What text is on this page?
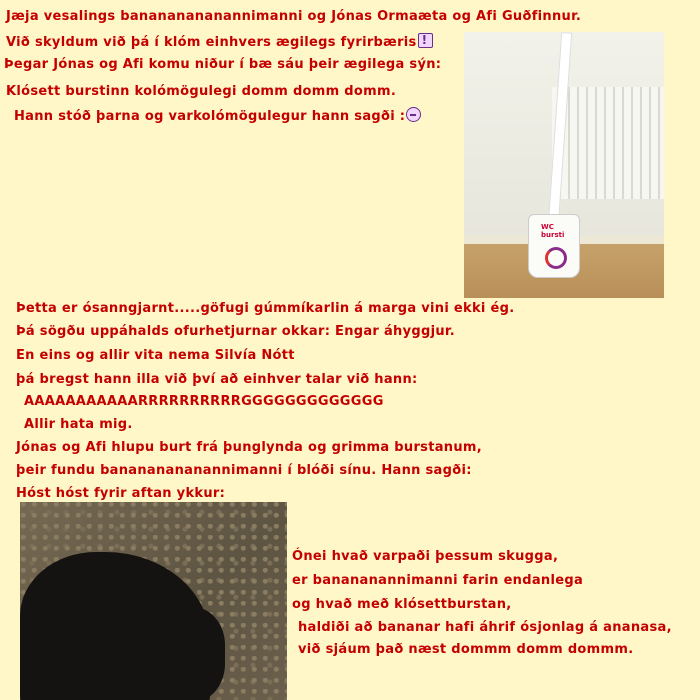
Jæja vesalings banananananannimanni og Jónas Ormaæta og Afi Guðfinnur.
Við skyldum við þá í klóm einhvers ægilegs fyrirbæris!
Þegar Jónas og Afi komu niður í bæ sáu þeir ægilega sýn:
Klósett burstinn kolómögulegi domm domm domm.
Hann stóð þarna og varkolómögulegur hann sagði :
WC bursti
Þetta er ósanngjarnt.....göfugi gúmmíkarlin á marga vini ekki ég.
Þá sögðu uppáhalds ofurhetjurnar okkar: Engar áhyggjur.
En eins og allir vita nema Silvía Nótt
þá bregst hann illa við því að einhver talar við hann:
AAAAAAAAAAARRRRRRRRRRGGGGGGGGGGGGG
Allir hata mig.
Jónas og Afi hlupu burt frá þunglynda og grimma burstanum,
þeir fundu banananananannimanni í blóði sínu. Hann sagði:
Hóst hóst fyrir aftan ykkur:
Ónei hvað varpaði þessum skugga,
er banananannimanni farin endanlega
og hvað með klósettburstan,
haldiði að bananar hafi áhrif ósjonlag á ananasa,
við sjáum það næst dommm domm dommm.
